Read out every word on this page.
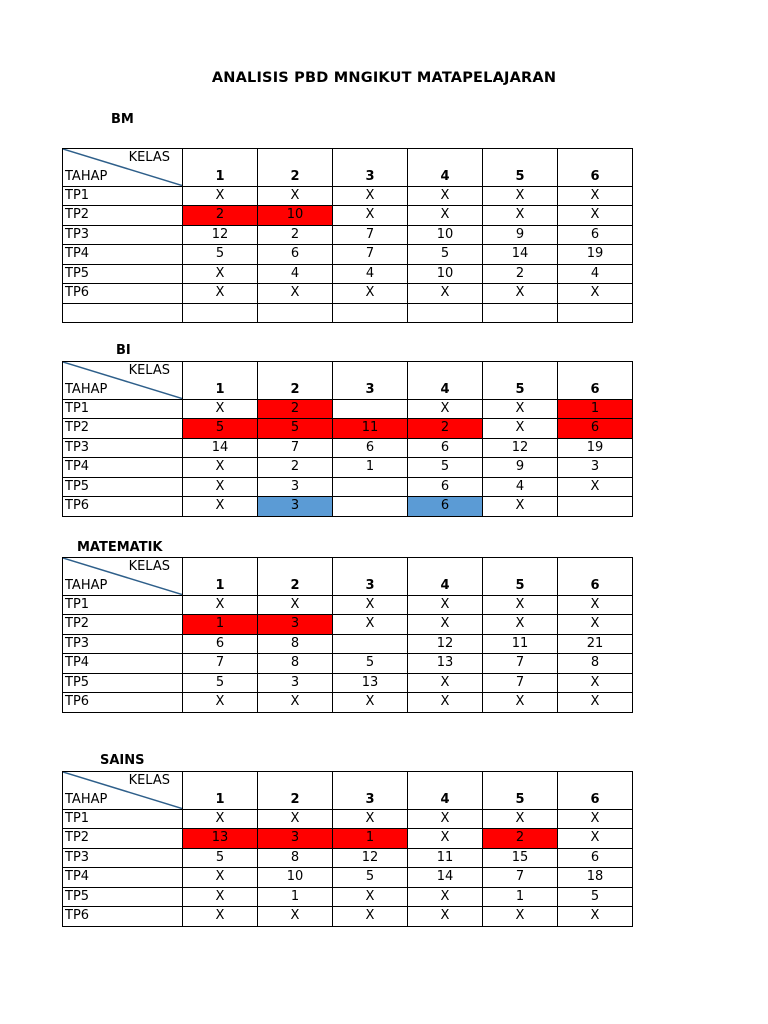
ANALISIS PBD MNGIKUT MATAPELAJARAN
BM
KELAS
TAHAP	1	2	3	4	5	6
TP1	X	X	X	X	X	X
TP2	2	10	X	X	X	X
TP3	12	2	7	10	9	6
TP4	5	6	7	5	14	19
TP5	X	4	4	10	2	4
TP6	X	X	X	X	X	X

BI
KELAS
TAHAP	1	2	3	4	5	6
TP1	X	2		X	X	1
TP2	5	5	11	2	X	6
TP3	14	7	6	6	12	19
TP4	X	2	1	5	9	3
TP5	X	3		6	4	X
TP6	X	3		6	X	
MATEMATIK
KELAS
TAHAP	1	2	3	4	5	6
TP1	X	X	X	X	X	X
TP2	1	3	X	X	X	X
TP3	6	8		12	11	21
TP4	7	8	5	13	7	8
TP5	5	3	13	X	7	X
TP6	X	X	X	X	X	X
SAINS
KELAS
TAHAP	1	2	3	4	5	6
TP1	X	X	X	X	X	X
TP2	13	3	1	X	2	X
TP3	5	8	12	11	15	6
TP4	X	10	5	14	7	18
TP5	X	1	X	X	1	5
TP6	X	X	X	X	X	X
